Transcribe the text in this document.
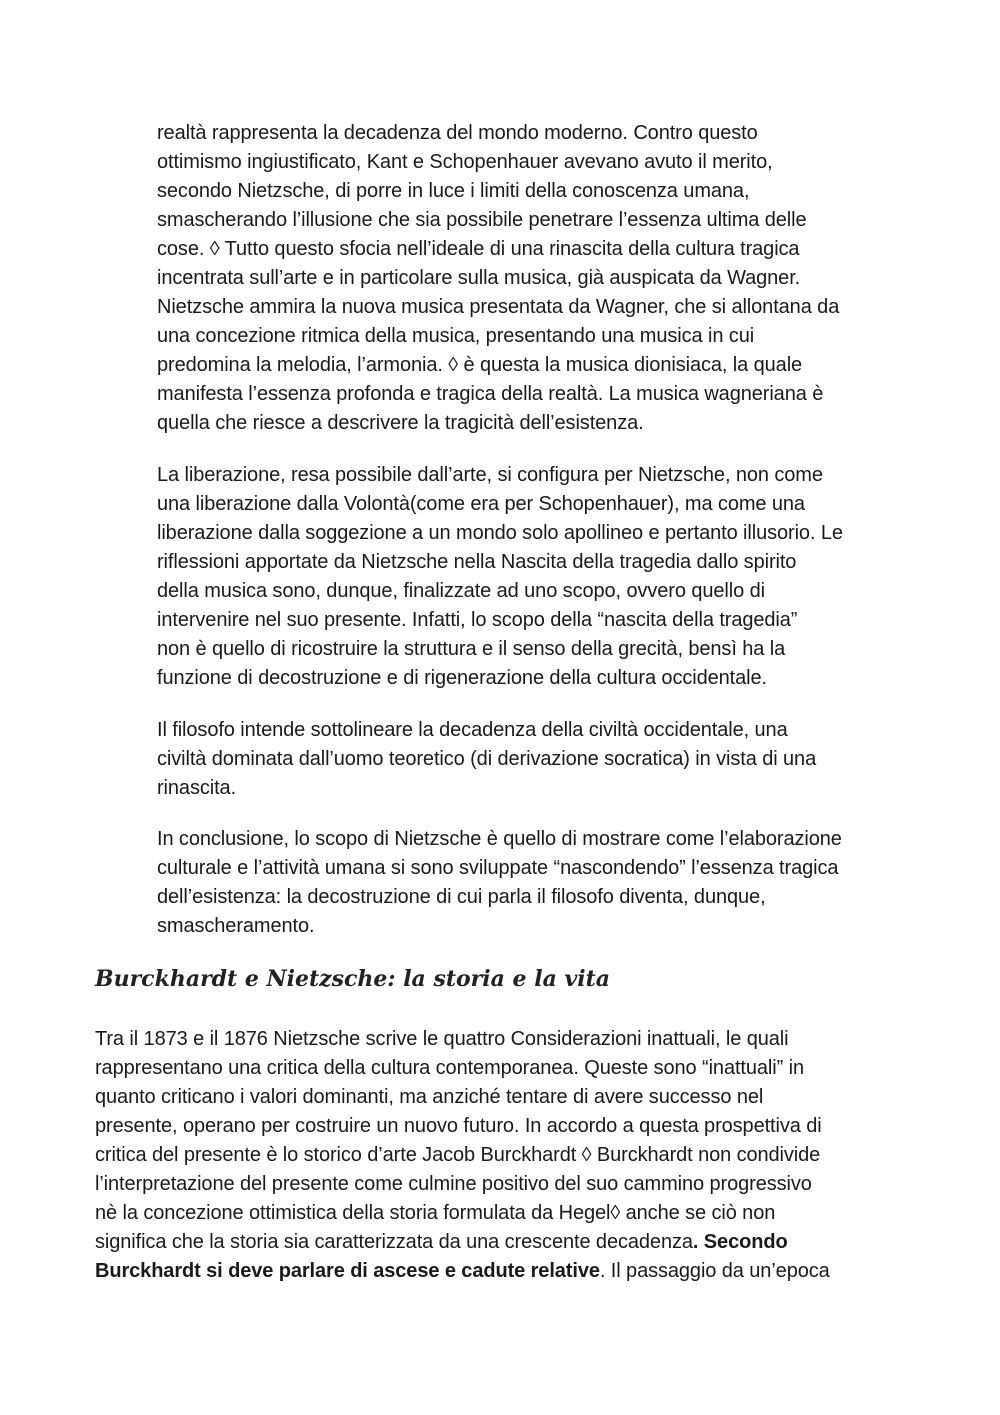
realtà rappresenta la decadenza del mondo moderno. Contro questo
ottimismo ingiustificato, Kant e Schopenhauer avevano avuto il merito,
secondo Nietzsche, di porre in luce i limiti della conoscenza umana,
smascherando l’illusione che sia possibile penetrare l’essenza ultima delle
cose. ◊ Tutto questo sfocia nell’ideale di una rinascita della cultura tragica
incentrata sull’arte e in particolare sulla musica, già auspicata da Wagner.
Nietzsche ammira la nuova musica presentata da Wagner, che si allontana da
una concezione ritmica della musica, presentando una musica in cui
predomina la melodia, l’armonia. ◊ è questa la musica dionisiaca, la quale
manifesta l’essenza profonda e tragica della realtà. La musica wagneriana è
quella che riesce a descrivere la tragicità dell’esistenza.
La liberazione, resa possibile dall’arte, si configura per Nietzsche, non come
una liberazione dalla Volontà(come era per Schopenhauer), ma come una
liberazione dalla soggezione a un mondo solo apollineo e pertanto illusorio. Le
riflessioni apportate da Nietzsche nella Nascita della tragedia dallo spirito
della musica sono, dunque, finalizzate ad uno scopo, ovvero quello di
intervenire nel suo presente. Infatti, lo scopo della “nascita della tragedia”
non è quello di ricostruire la struttura e il senso della grecità, bensì ha la
funzione di decostruzione e di rigenerazione della cultura occidentale.
Il filosofo intende sottolineare la decadenza della civiltà occidentale, una
civiltà dominata dall’uomo teoretico (di derivazione socratica) in vista di una
rinascita.
In conclusione, lo scopo di Nietzsche è quello di mostrare come l’elaborazione
culturale e l’attività umana si sono sviluppate “nascondendo” l’essenza tragica
dell’esistenza: la decostruzione di cui parla il filosofo diventa, dunque,
smascheramento.
Burckhardt e Nietzsche: la storia e la vita
Tra il 1873 e il 1876 Nietzsche scrive le quattro Considerazioni inattuali, le quali
rappresentano una critica della cultura contemporanea. Queste sono “inattuali” in
quanto criticano i valori dominanti, ma anziché tentare di avere successo nel
presente, operano per costruire un nuovo futuro. In accordo a questa prospettiva di
critica del presente è lo storico d’arte Jacob Burckhardt ◊ Burckhardt non condivide
l’interpretazione del presente come culmine positivo del suo cammino progressivo
nè la concezione ottimistica della storia formulata da Hegel◊ anche se ciò non
significa che la storia sia caratterizzata da una crescente decadenza. Secondo
Burckhardt si deve parlare di ascese e cadute relative. Il passaggio da un’epoca
